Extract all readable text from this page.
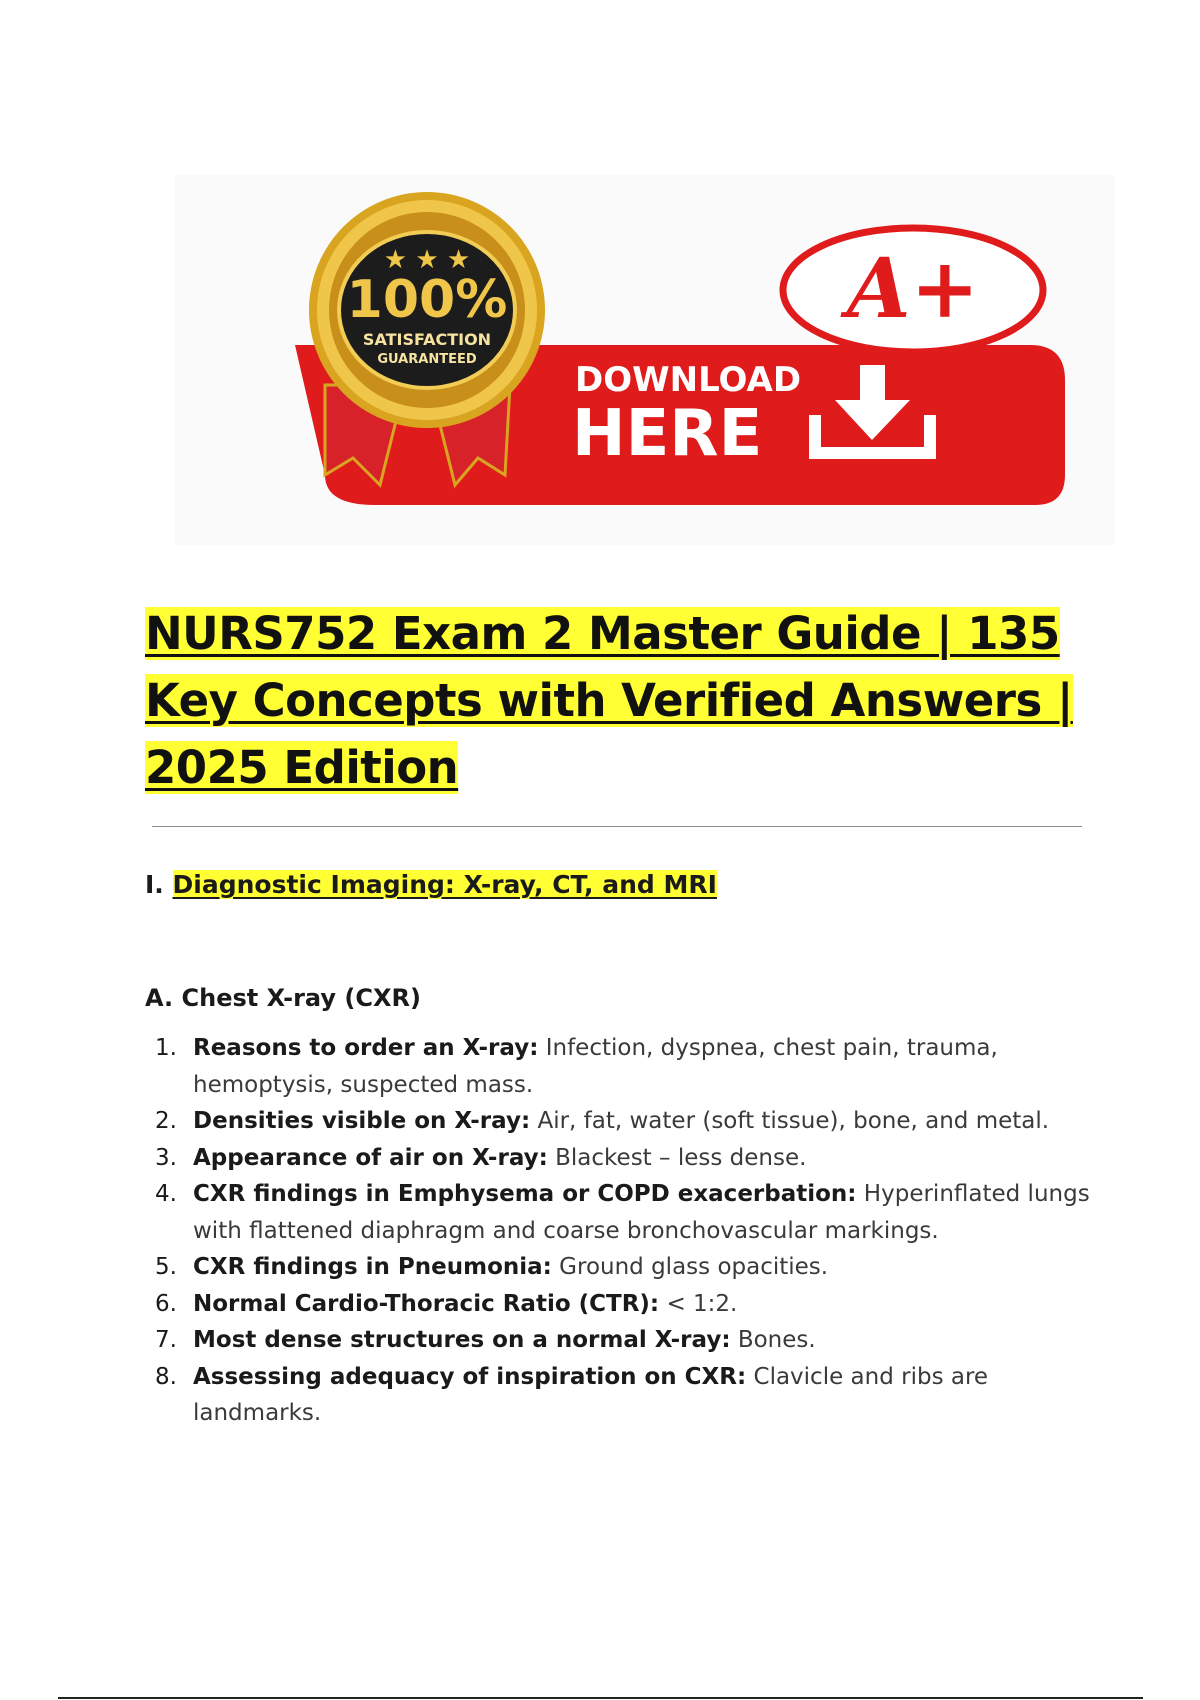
A+
★ ★ ★
100%
SATISFACTION
GUARANTEED
DOWNLOAD
HERE
NURS752 Exam 2 Master Guide | 135 Key Concepts with Verified Answers | 2025 Edition
I. Diagnostic Imaging: X-ray, CT, and MRI
A. Chest X-ray (CXR)
1. Reasons to order an X-ray: Infection, dyspnea, chest pain, trauma, hemoptysis, suspected mass.
2. Densities visible on X-ray: Air, fat, water (soft tissue), bone, and metal.
3. Appearance of air on X-ray: Blackest – less dense.
4. CXR findings in Emphysema or COPD exacerbation: Hyperinflated lungs with flattened diaphragm and coarse bronchovascular markings.
5. CXR findings in Pneumonia: Ground glass opacities.
6. Normal Cardio-Thoracic Ratio (CTR): < 1:2.
7. Most dense structures on a normal X-ray: Bones.
8. Assessing adequacy of inspiration on CXR: Clavicle and ribs are landmarks.
